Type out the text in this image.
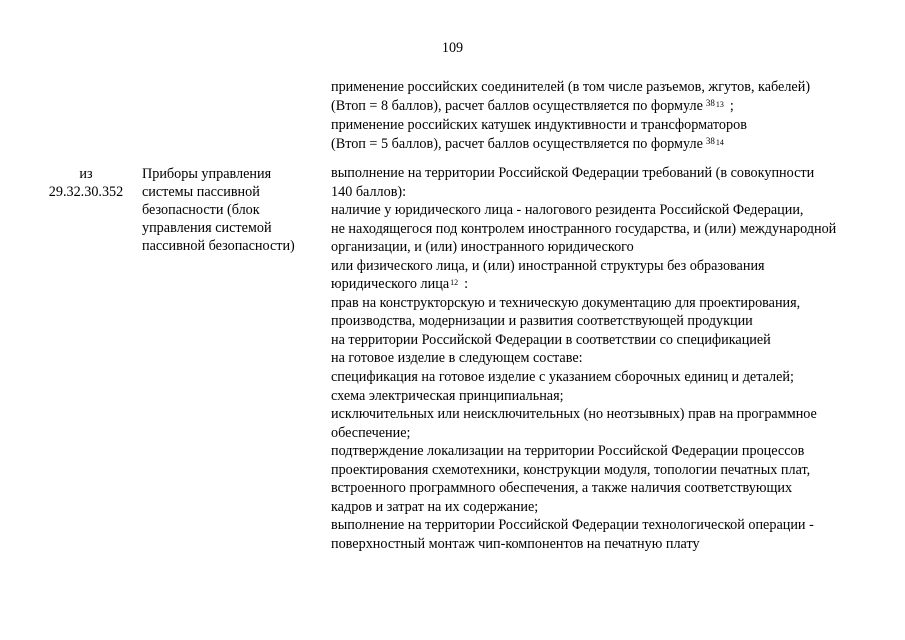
109
применение российских соединителей (в том числе разъемов, жгутов, кабелей)
(Втоп = 8 баллов), расчет баллов осуществляется по формуле $^{3813}$ ;
применение российских катушек индуктивности и трансформаторов
(Втоп = 5 баллов), расчет баллов осуществляется по формуле $^{3814}$
из
29.32.30.352
Приборы управления
системы пассивной
безопасности (блок
управления системой
пассивной безопасности)
выполнение на территории Российской Федерации требований (в совокупности
140 баллов):
наличие у юридического лица - налогового резидента Российской Федерации,
не находящегося под контролем иностранного государства, и (или) международной
организации, и (или) иностранного юридического
или физического лица, и (или) иностранной структуры без образования
юридического лица$^{12}$ :
прав на конструкторскую и техническую документацию для проектирования,
производства, модернизации и развития соответствующей продукции
на территории Российской Федерации в соответствии со спецификацией
на готовое изделие в следующем составе:
спецификация на готовое изделие с указанием сборочных единиц и деталей;
схема электрическая принципиальная;
исключительных или неисключительных (но неотзывных) прав на программное
обеспечение;
подтверждение локализации на территории Российской Федерации процессов
проектирования схемотехники, конструкции модуля, топологии печатных плат,
встроенного программного обеспечения, а также наличия соответствующих
кадров и затрат на их содержание;
выполнение на территории Российской Федерации технологической операции -
поверхностный монтаж чип-компонентов на печатную плату
